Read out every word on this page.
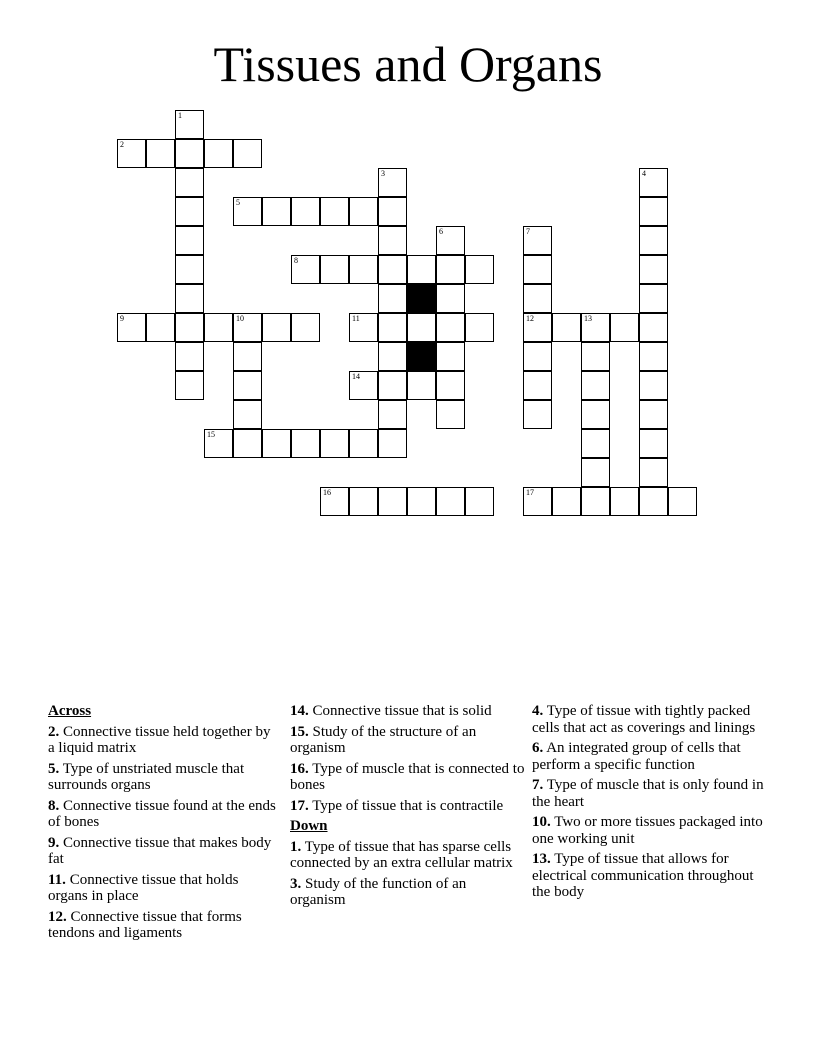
Tissues and Organs
2
5
8
9	10	11	12	13
14
15
16	17
1
3	4
6	7
Across
2. Connective tissue held together by a liquid matrix
5. Type of unstriated muscle that surrounds organs
8. Connective tissue found at the ends of bones
9. Connective tissue that makes body fat
11. Connective tissue that holds organs in place
12. Connective tissue that forms tendons and ligaments
14. Connective tissue that is solid
15. Study of the structure of an organism
16. Type of muscle that is connected to bones
17. Type of tissue that is contractile
Down
1. Type of tissue that has sparse cells connected by an extra cellular matrix
3. Study of the function of an organism
4. Type of tissue with tightly packed cells that act as coverings and linings
6. An integrated group of cells that perform a specific function
7. Type of muscle that is only found in the heart
10. Two or more tissues packaged into one working unit
13. Type of tissue that allows for electrical communication throughout the body
